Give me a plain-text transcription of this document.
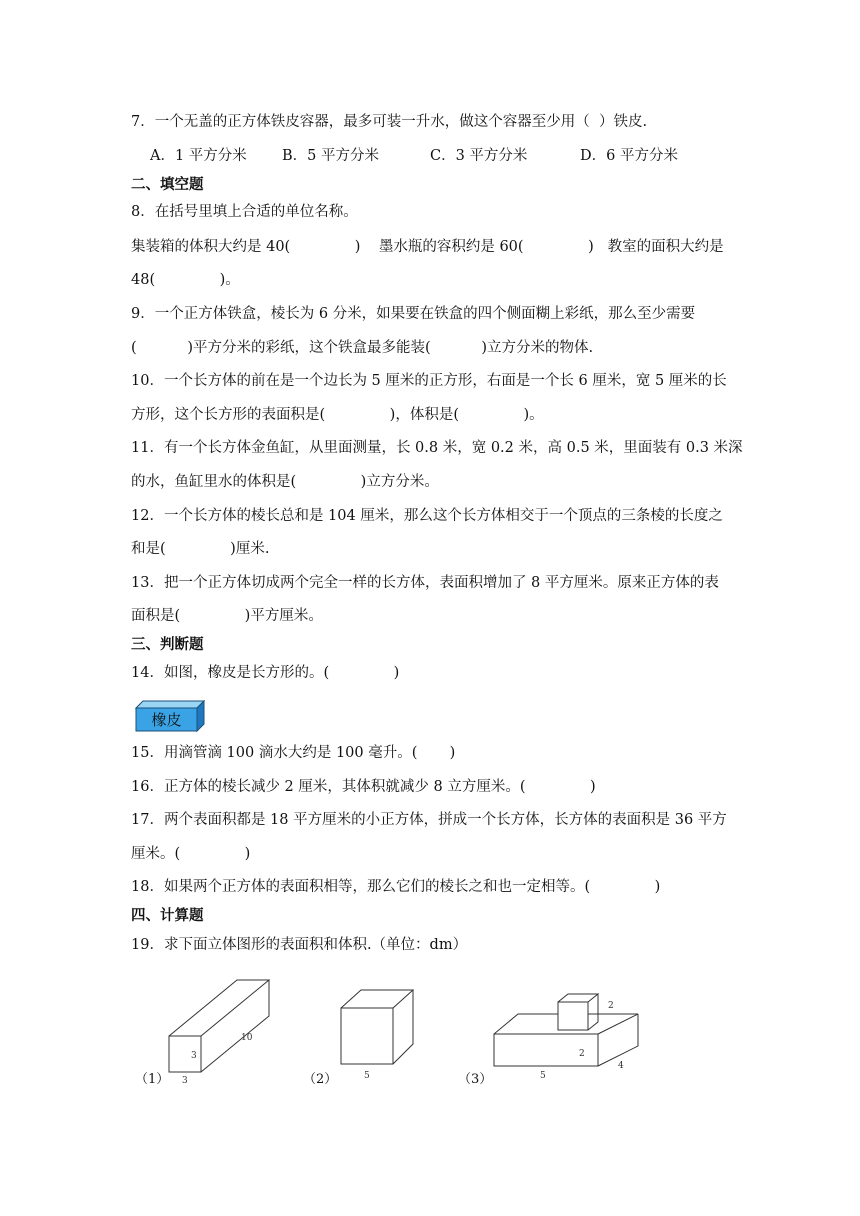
7．一个无盖的正方体铁皮容器，最多可装一升水，做这个容器至少用（  ）铁皮.
A．1 平方分米 B．5 平方分米	C．3 平方分米	D．6 平方分米
二、填空题
8．在括号里填上合适的单位名称。
集装箱的体积大约是 40(              )    墨水瓶的容积约是 60(              )   教室的面积大约是
48(              )。
9．一个正方体铁盒，棱长为 6 分米，如果要在铁盒的四个侧面糊上彩纸，那么至少需要
(           )平方分米的彩纸，这个铁盒最多能装(           )立方分米的物体.
10．一个长方体的前在是一个边长为 5 厘米的正方形，右面是一个长 6 厘米，宽 5 厘米的长
方形，这个长方形的表面积是(              )，体积是(              )。
11．有一个长方体金鱼缸，从里面测量，长 0.8 米，宽 0.2 米，高 0.5 米，里面装有 0.3 米深
的水，鱼缸里水的体积是(              )立方分米。
12．一个长方体的棱长总和是 104 厘米，那么这个长方体相交于一个顶点的三条棱的长度之
和是(              )厘米.
13．把一个正方体切成两个完全一样的长方体，表面积增加了 8 平方厘米。原来正方体的表
面积是(              )平方厘米。
三、判断题
14．如图，橡皮是长方形的。(              )
橡皮
15．用滴管滴 100 滴水大约是 100 毫升。(       )
16．正方体的棱长减少 2 厘米，其体积就减少 8 立方厘米。(              )
17．两个表面积都是 18 平方厘米的小正方体，拼成一个长方体，长方体的表面积是 36 平方
厘米。(              )
18．如果两个正方体的表面积相等，那么它们的棱长之和也一定相等。(              )
四、计算题
19．求下面立体图形的表面积和体积.（单位：dm）
（1）
10
3
3	（2）	5	（3）
2
2
4
5
